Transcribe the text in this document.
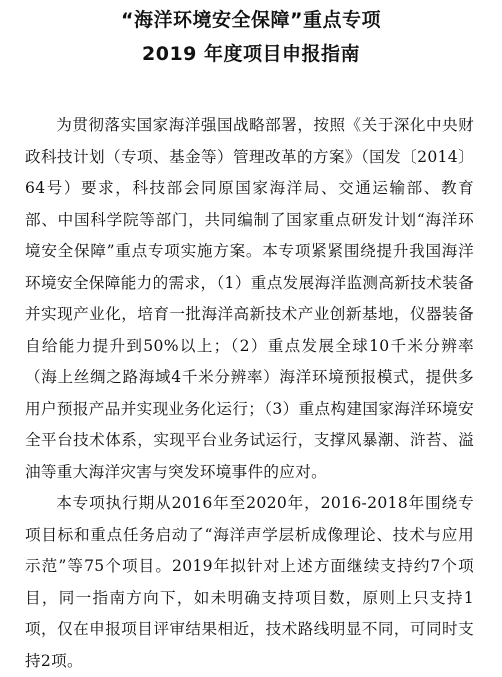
“海洋环境安全保障”重点专项
2019 年度项目申报指南

为贯彻落实国家海洋强国战略部署，按照《关于深化中央财政科技计划（专项、基金等）管理改革的方案》（国发〔2014〕64号）要求，科技部会同原国家海洋局、交通运输部、教育部、中国科学院等部门，共同编制了国家重点研发计划“海洋环境安全保障”重点专项实施方案。本专项紧紧围绕提升我国海洋环境安全保障能力的需求，（1）重点发展海洋监测高新技术装备并实现产业化，培育一批海洋高新技术产业创新基地，仪器装备自给能力提升到50%以上；（2）重点发展全球10千米分辨率（海上丝绸之路海域4千米分辨率）海洋环境预报模式，提供多用户预报产品并实现业务化运行；（3）重点构建国家海洋环境安全平台技术体系，实现平台业务试运行，支撑风暴潮、浒苔、溢油等重大海洋灾害与突发环境事件的应对。

本专项执行期从2016年至2020年，2016-2018年围绕专项目标和重点任务启动了“海洋声学层析成像理论、技术与应用示范”等75个项目。2019年拟针对上述方面继续支持约7个项目，同一指南方向下，如未明确支持项目数，原则上只支持1项，仅在申报项目评审结果相近，技术路线明显不同，可同时支持2项。
